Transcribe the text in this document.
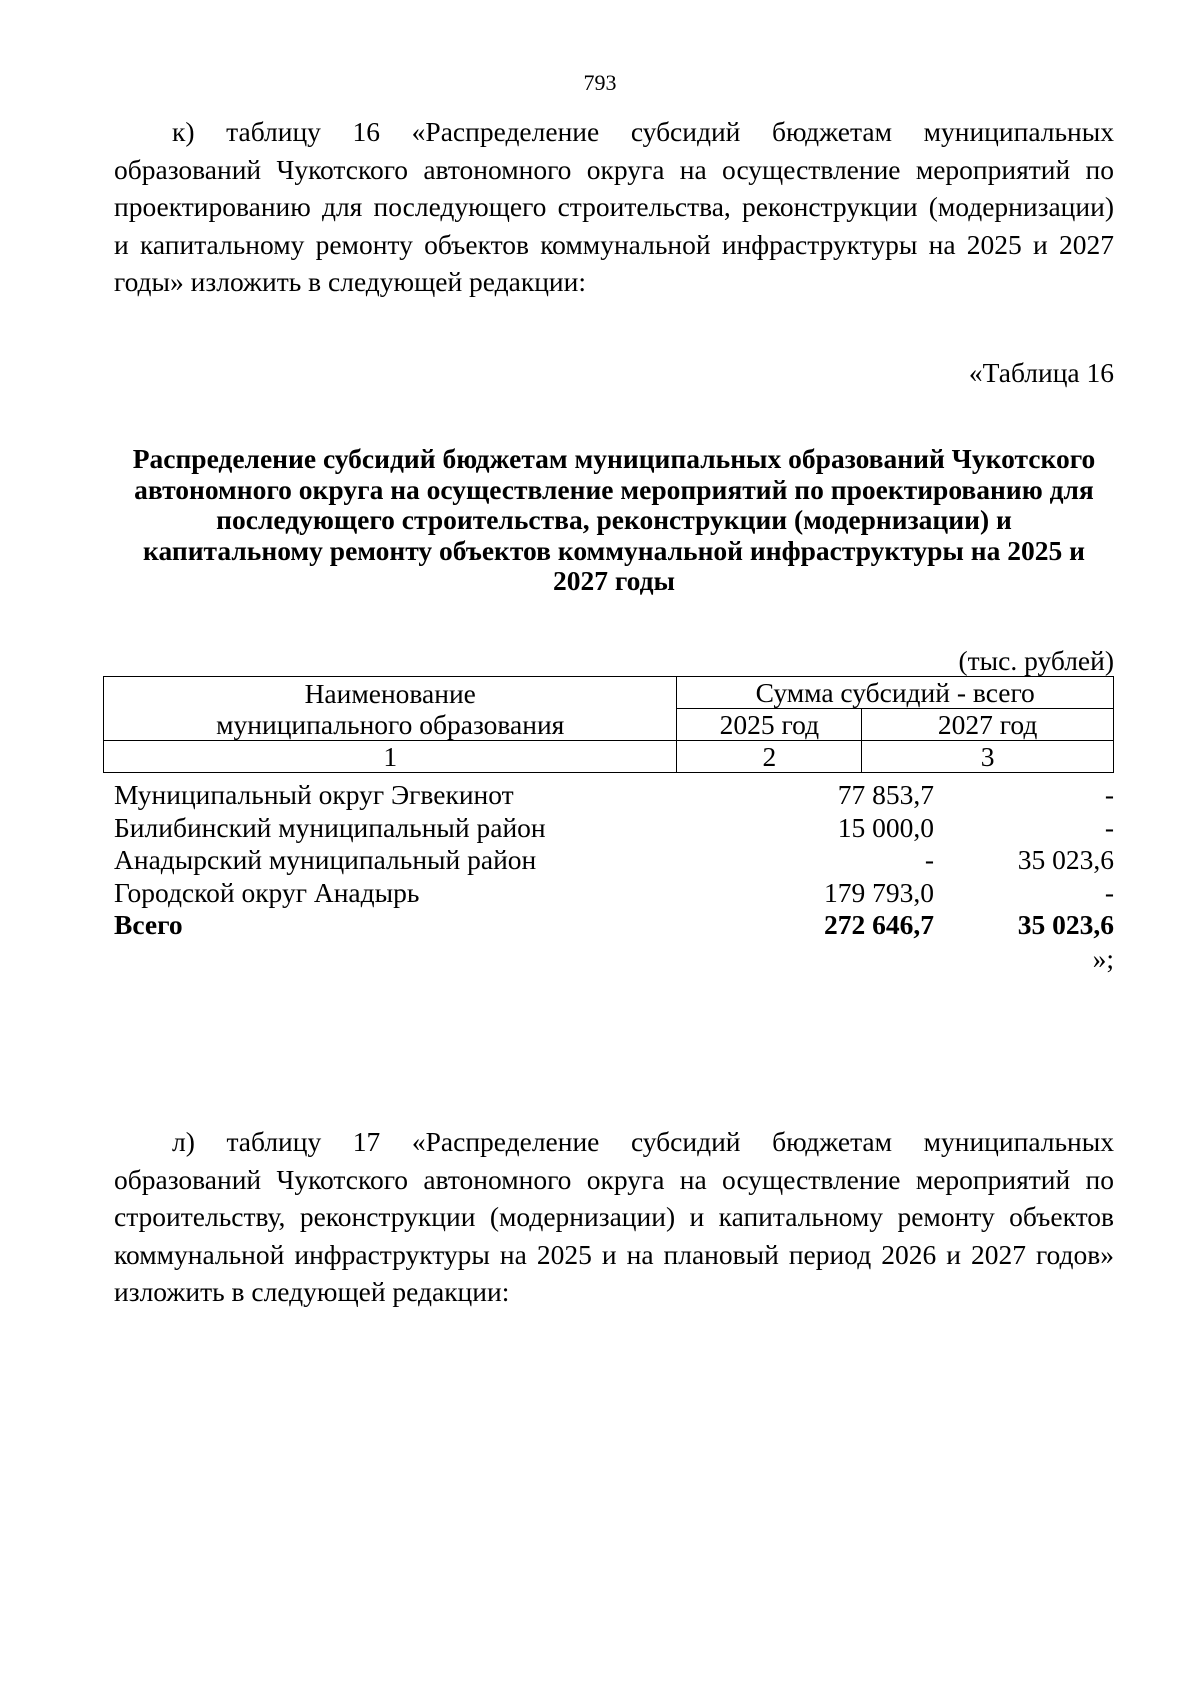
793

к) таблицу 16 «Распределение субсидий бюджетам муниципальных образований Чукотского автономного округа на осуществление мероприятий по проектированию для последующего строительства, реконструкции (модернизации) и капитальному ремонту объектов коммунальной инфраструктуры на 2025 и 2027 годы» изложить в следующей редакции:

«Таблица 16
Распределение субсидий бюджетам муниципальных образований Чукотского
автономного округа на осуществление мероприятий по проектированию для
последующего строительства, реконструкции (модернизации) и
капитальному ремонту объектов коммунальной инфраструктуры на 2025 и
2027 годы
(тыс. рублей)
Наименование
муниципального образования	Сумма субсидий - всего	
	2025 год	2027 год
1	2	3
Муниципальный округ Эгвекинот	77 853,7	-
Билибинский муниципальный район	15 000,0	-
Анадырский муниципальный район	-	35 023,6
Городской округ Анадырь	179 793,0	-
Всего	272 646,7	35 023,6
»;

л) таблицу 17 «Распределение субсидий бюджетам муниципальных образований Чукотского автономного округа на осуществление мероприятий по строительству, реконструкции (модернизации) и капитальному ремонту объектов коммунальной инфраструктуры на 2025 и на плановый период 2026 и 2027 годов» изложить в следующей редакции:
